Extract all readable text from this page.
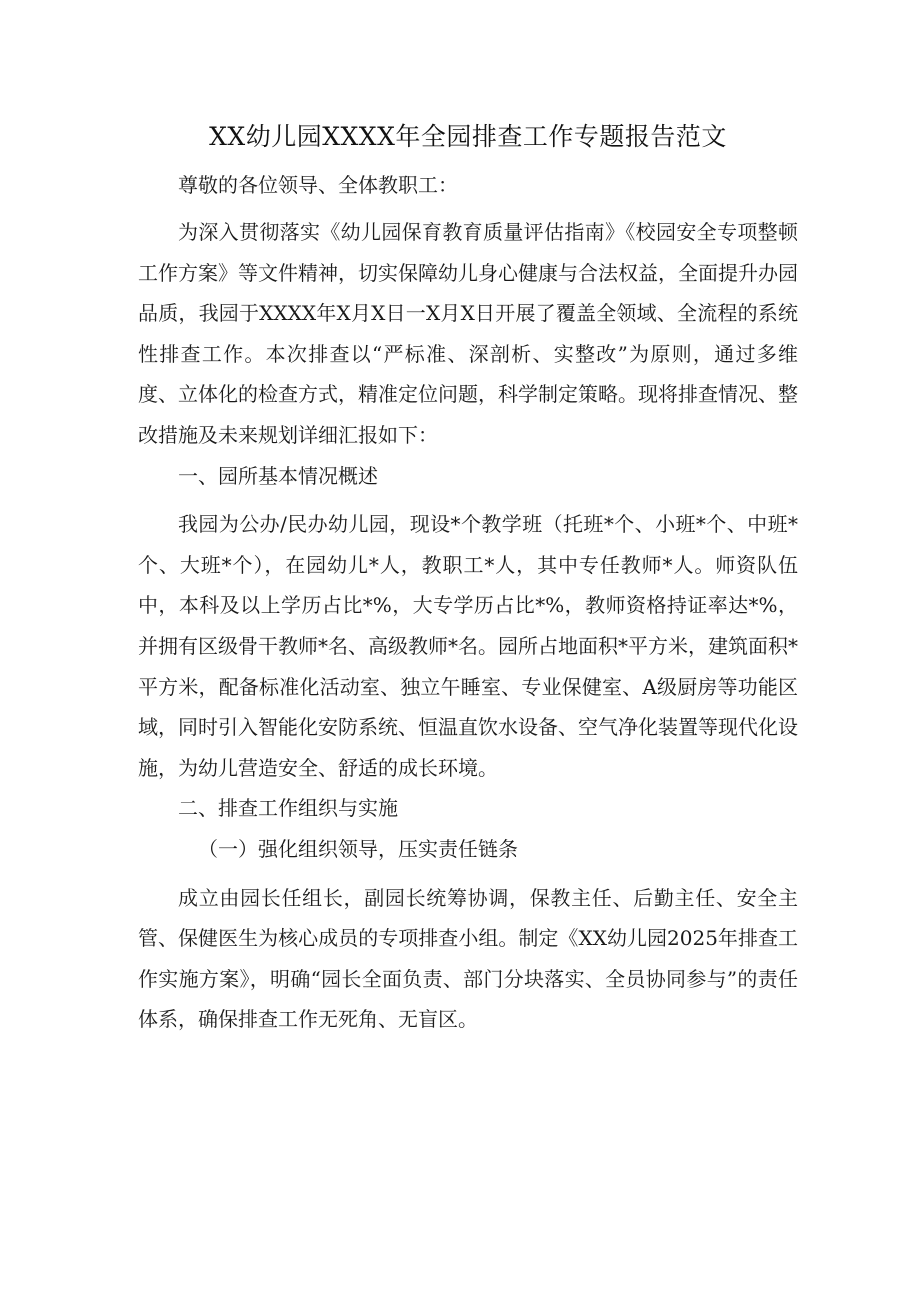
XX幼儿园XXXX年全园排查工作专题报告范文

尊敬的各位领导、全体教职工：

为深入贯彻落实《幼儿园保育教育质量评估指南》《校园安全专项整顿工作方案》等文件精神，切实保障幼儿身心健康与合法权益，全面提升办园品质，我园于XXXX年X月X日一X月X日开展了覆盖全领域、全流程的系统性排查工作。本次排查以“严标准、深剖析、实整改”为原则，通过多维度、立体化的检查方式，精准定位问题，科学制定策略。现将排查情况、整改措施及未来规划详细汇报如下：

一、园所基本情况概述

我园为公办/民办幼儿园，现设*个教学班（托班*个、小班*个、中班*个、大班*个），在园幼儿*人，教职工*人，其中专任教师*人。师资队伍中，本科及以上学历占比*%，大专学历占比*%，教师资格持证率达*%，并拥有区级骨干教师*名、高级教师*名。园所占地面积*平方米，建筑面积*平方米，配备标准化活动室、独立午睡室、专业保健室、A级厨房等功能区域，同时引入智能化安防系统、恒温直饮水设备、空气净化装置等现代化设施，为幼儿营造安全、舒适的成长环境。

二、排查工作组织与实施

（一）强化组织领导，压实责任链条

成立由园长任组长，副园长统筹协调，保教主任、后勤主任、安全主管、保健医生为核心成员的专项排查小组。制定《XX幼儿园2025年排查工作实施方案》，明确“园长全面负责、部门分块落实、全员协同参与”的责任体系，确保排查工作无死角、无盲区。
